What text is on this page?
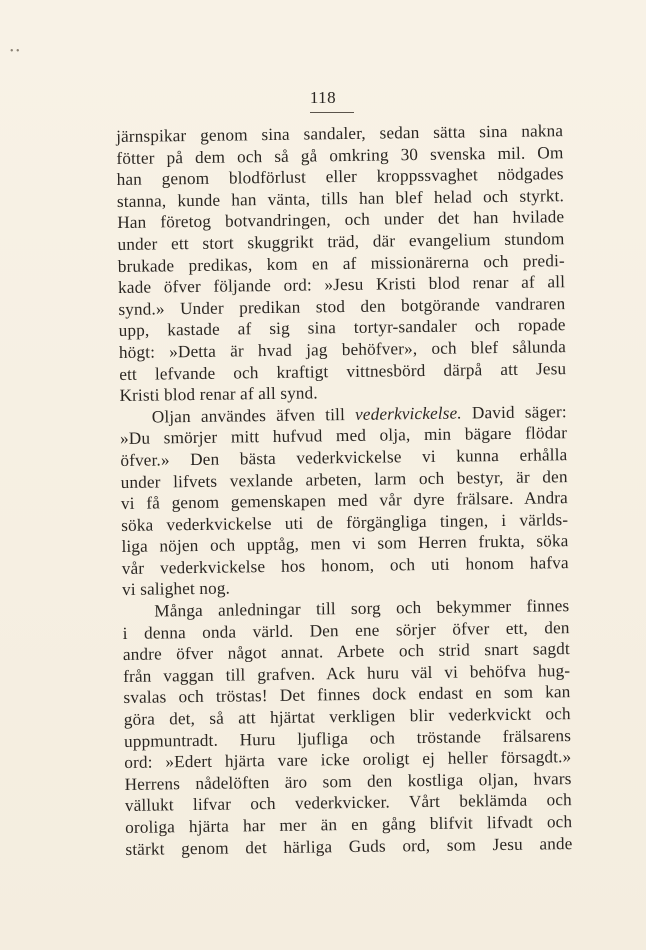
• •
118
järnspikar genom sina sandaler, sedan sätta sina nakna
fötter på dem och så gå omkring 30 svenska mil. Om
han genom blodförlust eller kroppssvaghet nödgades
stanna, kunde han vänta, tills han blef helad och styrkt.
Han företog botvandringen, och under det han hvilade
under ett stort skuggrikt träd, där evangelium stundom
brukade predikas, kom en af missionärerna och predi-
kade öfver följande ord: »Jesu Kristi blod renar af all
synd.» Under predikan stod den botgörande vandraren
upp, kastade af sig sina tortyr-sandaler och ropade
högt: »Detta är hvad jag behöfver», och blef sålunda
ett lefvande och kraftigt vittnesbörd därpå att Jesu
Kristi blod renar af all synd.
Oljan användes äfven till vederkvickelse. David säger:
»Du smörjer mitt hufvud med olja, min bägare flödar
öfver.» Den bästa vederkvickelse vi kunna erhålla
under lifvets vexlande arbeten, larm och bestyr, är den
vi få genom gemenskapen med vår dyre frälsare. Andra
söka vederkvickelse uti de förgängliga tingen, i världs-
liga nöjen och upptåg, men vi som Herren frukta, söka
vår vederkvickelse hos honom, och uti honom hafva
vi salighet nog.
Många anledningar till sorg och bekymmer finnes
i denna onda värld. Den ene sörjer öfver ett, den
andre öfver något annat. Arbete och strid snart sagdt
från vaggan till grafven. Ack huru väl vi behöfva hug-
svalas och tröstas! Det finnes dock endast en som kan
göra det, så att hjärtat verkligen blir vederkvickt och
uppmuntradt. Huru ljufliga och tröstande frälsarens
ord: »Edert hjärta vare icke oroligt ej heller försagdt.»
Herrens nådelöften äro som den kostliga oljan, hvars
vällukt lifvar och vederkvicker. Vårt beklämda och
oroliga hjärta har mer än en gång blifvit lifvadt och
stärkt genom det härliga Guds ord, som Jesu ande
